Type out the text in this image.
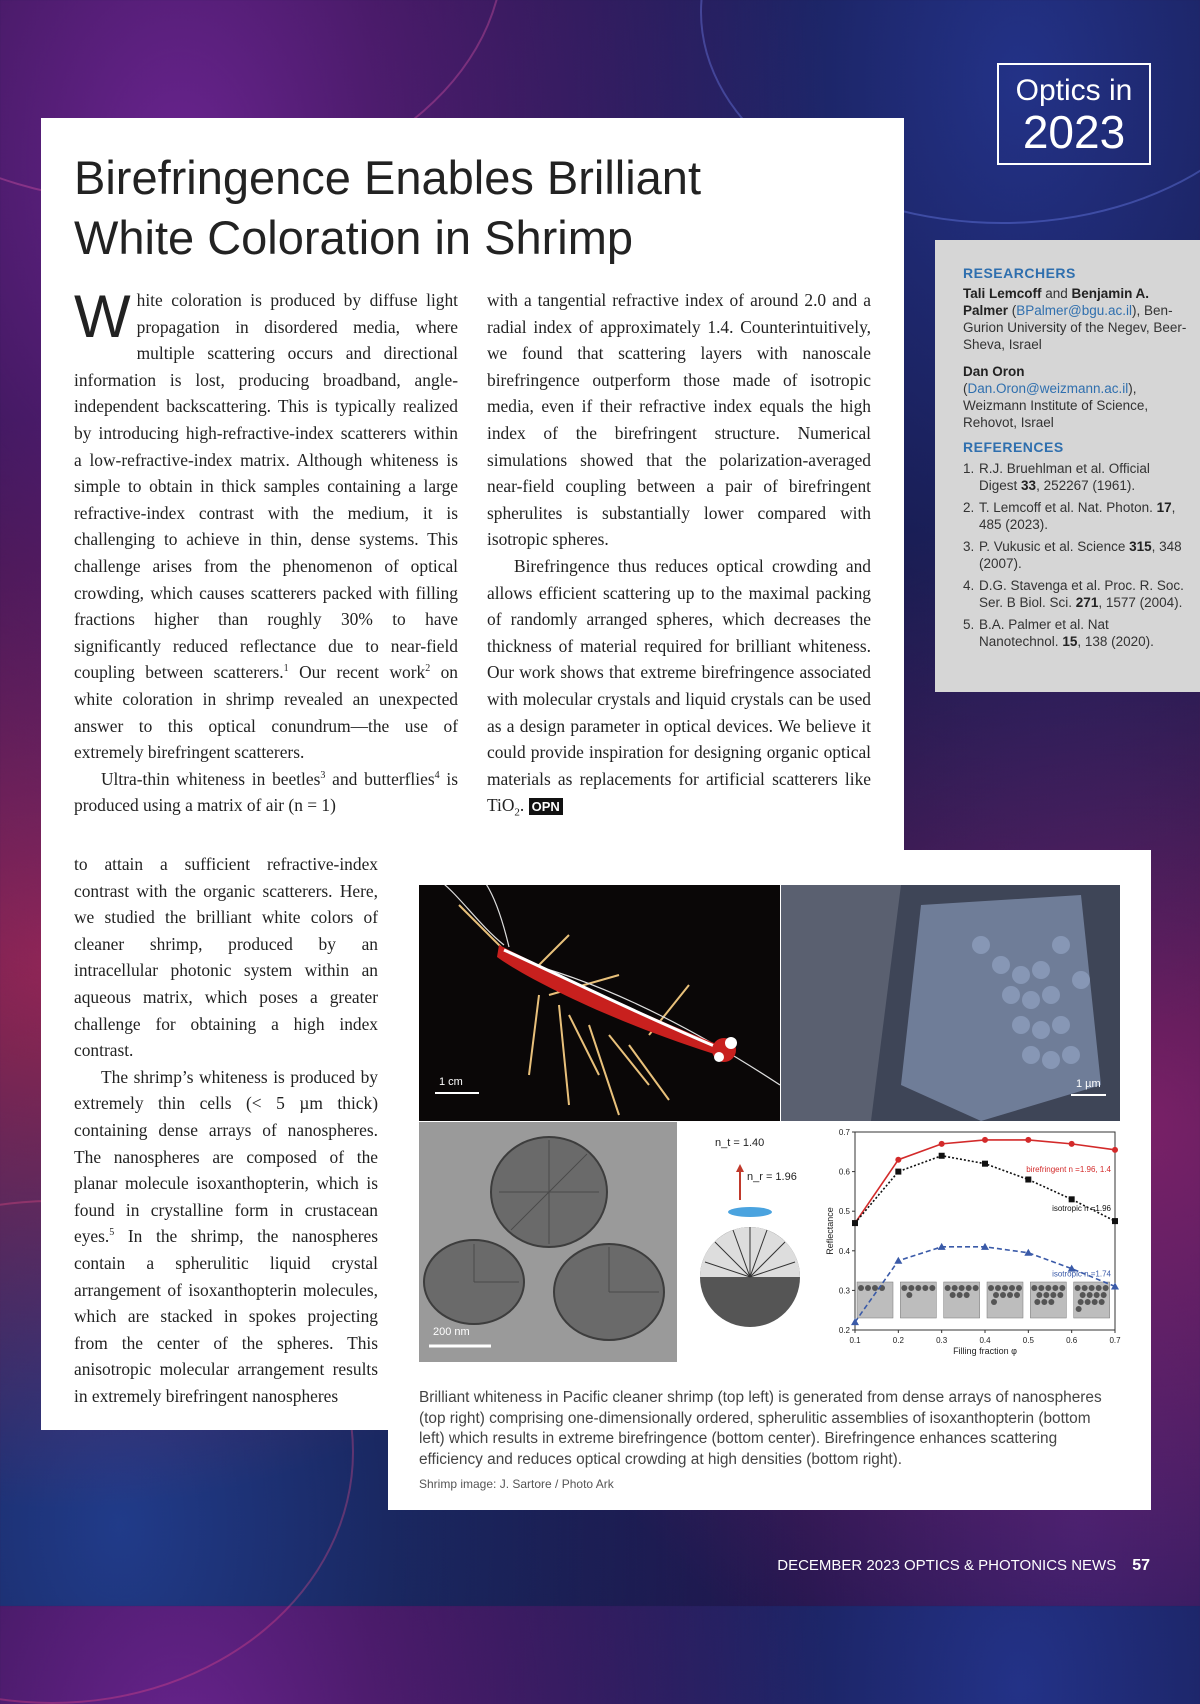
Optics in
2023
Birefringence Enables Brilliant
White Coloration in Shrimp

White coloration is produced by diffuse light propagation in disordered media, where multiple scattering occurs and directional information is lost, producing broadband, angle-independent backscattering. This is typically realized by introducing high-refractive-index scatterers within a low-refractive-index matrix. Although whiteness is simple to obtain in thick samples containing a large refractive-index contrast with the medium, it is challenging to achieve in thin, dense systems. This challenge arises from the phenomenon of optical crowding, which causes scatterers packed with filling fractions higher than roughly 30% to have significantly reduced reflectance due to near-field coupling between scatterers.$^1$ Our recent work$^2$ on white coloration in shrimp revealed an unexpected answer to this optical conundrum—the use of extremely birefringent scatterers.

Ultra-thin whiteness in beetles$^3$ and butterflies$^4$ is produced using a matrix of air (n = 1)

to attain a sufficient refractive-index contrast with the organic scatterers. Here, we studied the brilliant white colors of cleaner shrimp, produced by an intracellular photonic system within an aqueous matrix, which poses a greater challenge for obtaining a high index contrast.

The shrimp’s whiteness is produced by extremely thin cells (< 5 µm thick) containing dense arrays of nanospheres. The nanospheres are composed of the planar molecule isoxanthopterin, which is found in crystalline form in crustacean eyes.$^5$ In the shrimp, the nanospheres contain a spherulitic liquid crystal arrangement of isoxanthopterin molecules, which are stacked in spokes projecting from the center of the spheres. This anisotropic molecular arrangement results in extremely birefringent nanospheres

with a tangential refractive index of around 2.0 and a radial index of approximately 1.4. Counterintuitively, we found that scattering layers with nanoscale birefringence outperform those made of isotropic media, even if their refractive index equals the high index of the birefringent structure. Numerical simulations showed that the polarization-averaged near-field coupling between a pair of birefringent spherulites is substantially lower compared with isotropic spheres.

Birefringence thus reduces optical crowding and allows efficient scattering up to the maximal packing of randomly arranged spheres, which decreases the thickness of material required for brilliant whiteness. Our work shows that extreme birefringence associated with molecular crystals and liquid crystals can be used as a design parameter in optical devices. We believe it could provide inspiration for designing organic optical materials as replacements for artificial scatterers like TiO$_2$. OPN

RESEARCHERS
Tali Lemcoff and Benjamin A. Palmer (BPalmer@bgu.ac.il), Ben-Gurion University of the Negev, Beer-Sheva, Israel
Dan Oron (Dan.Oron@weizmann.ac.il), Weizmann Institute of Science, Rehovot, Israel
REFERENCES
1. R.J. Bruehlman et al. Official Digest 33, 252267 (1961).
2. T. Lemcoff et al. Nat. Photon. 17, 485 (2023).
3. P. Vukusic et al. Science 315, 348 (2007).
4. D.G. Stavenga et al. Proc. R. Soc. Ser. B Biol. Sci. 271, 1577 (2004).
5. B.A. Palmer et al. Nat Nanotechnol. 15, 138 (2020).
1 cm	1 µm
200 nm
n_t = 1.40
n_r = 1.96
0.1	0.2	0.3	0.4	0.5	0.6	0.7
0.2
0.3
0.4
0.5
0.6
0.7
Filling fraction φ
Reflectance
birefringent n =1.96, 1.4
isotropic n =1.96
isotropic n =1.74
Brilliant whiteness in Pacific cleaner shrimp (top left) is generated from dense arrays of nanospheres (top right) comprising one-dimensionally ordered, spherulitic assemblies of isoxanthopterin (bottom left) which results in extreme birefringence (bottom center). Birefringence enhances scattering efficiency and reduces optical crowding at high densities (bottom right).
Shrimp image: J. Sartore / Photo Ark
DECEMBER 2023 OPTICS & PHOTONICS NEWS 57
